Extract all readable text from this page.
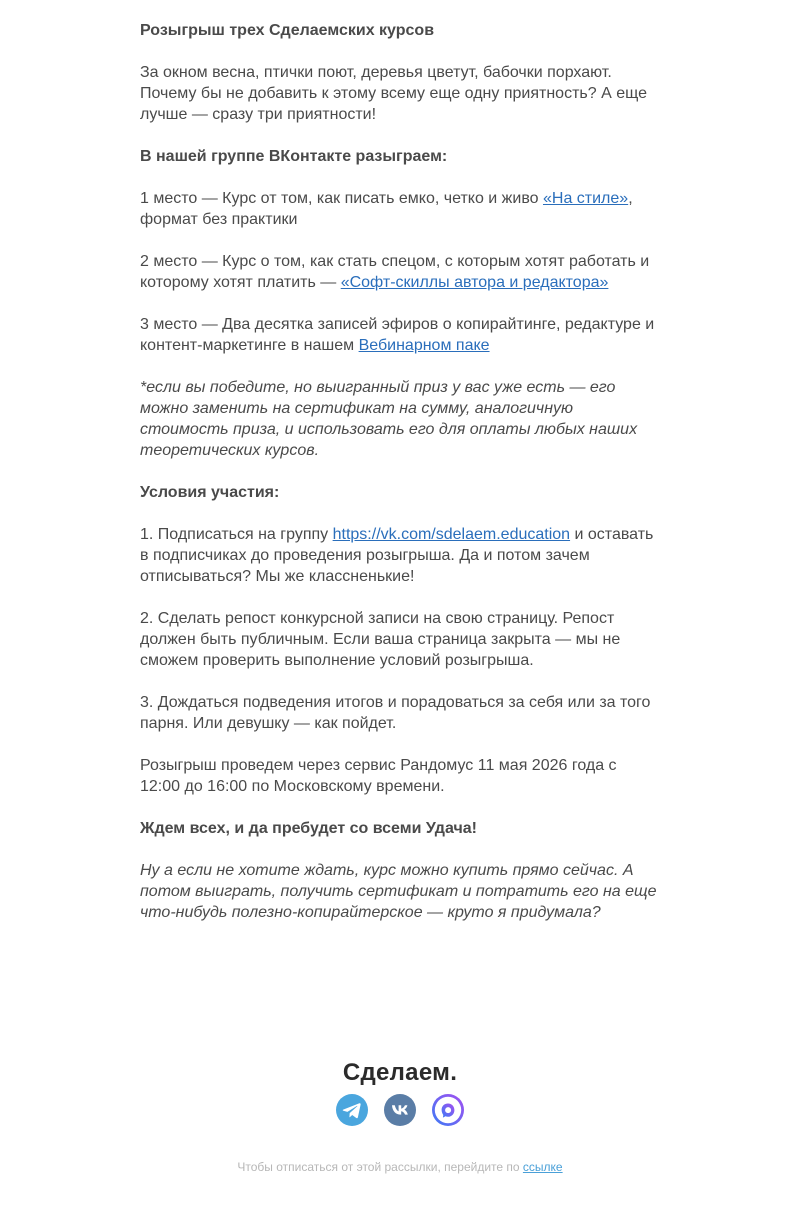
Розыгрыш трех Сделаемских курсов

За окном весна, птички поют, деревья цветут, бабочки порхают. Почему бы не добавить к этому всему еще одну приятность? А еще лучше — сразу три приятности!

В нашей группе ВКонтакте разыграем:

1 место — Курс от том, как писать емко, четко и живо «На стиле», формат без практики

2 место — Курс о том, как стать спецом, с которым хотят работать и которому хотят платить — «Софт-скиллы автора и редактора»

3 место — Два десятка записей эфиров о копирайтинге, редактуре и контент-маркетинге в нашем Вебинарном паке

*если вы победите, но выигранный приз у вас уже есть — его можно заменить на сертификат на сумму, аналогичную стоимость приза, и использовать его для оплаты любых наших теоретических курсов.

Условия участия:

1. Подписаться на группу https://vk.com/sdelaem.education и оставать в подписчиках до проведения розыгрыша. Да и потом зачем отписываться? Мы же классненькие!

2. Сделать репост конкурсной записи на свою страницу. Репост должен быть публичным. Если ваша страница закрыта — мы не сможем проверить выполнение условий розыгрыша.

3. Дождаться подведения итогов и порадоваться за себя или за того парня. Или девушку — как пойдет.

Розыгрыш проведем через сервис Рандомус 11 мая 2026 года с 12:00 до 16:00 по Московскому времени.

Ждем всех, и да пребудет со всеми Удача!

Ну а если не хотите ждать, курс можно купить прямо сейчас. А потом выиграть, получить сертификат и потратить его на еще что-нибудь полезно-копирайтерское — круто я придумала?

Сделаем.

Чтобы отписаться от этой рассылки, перейдите по ссылке
